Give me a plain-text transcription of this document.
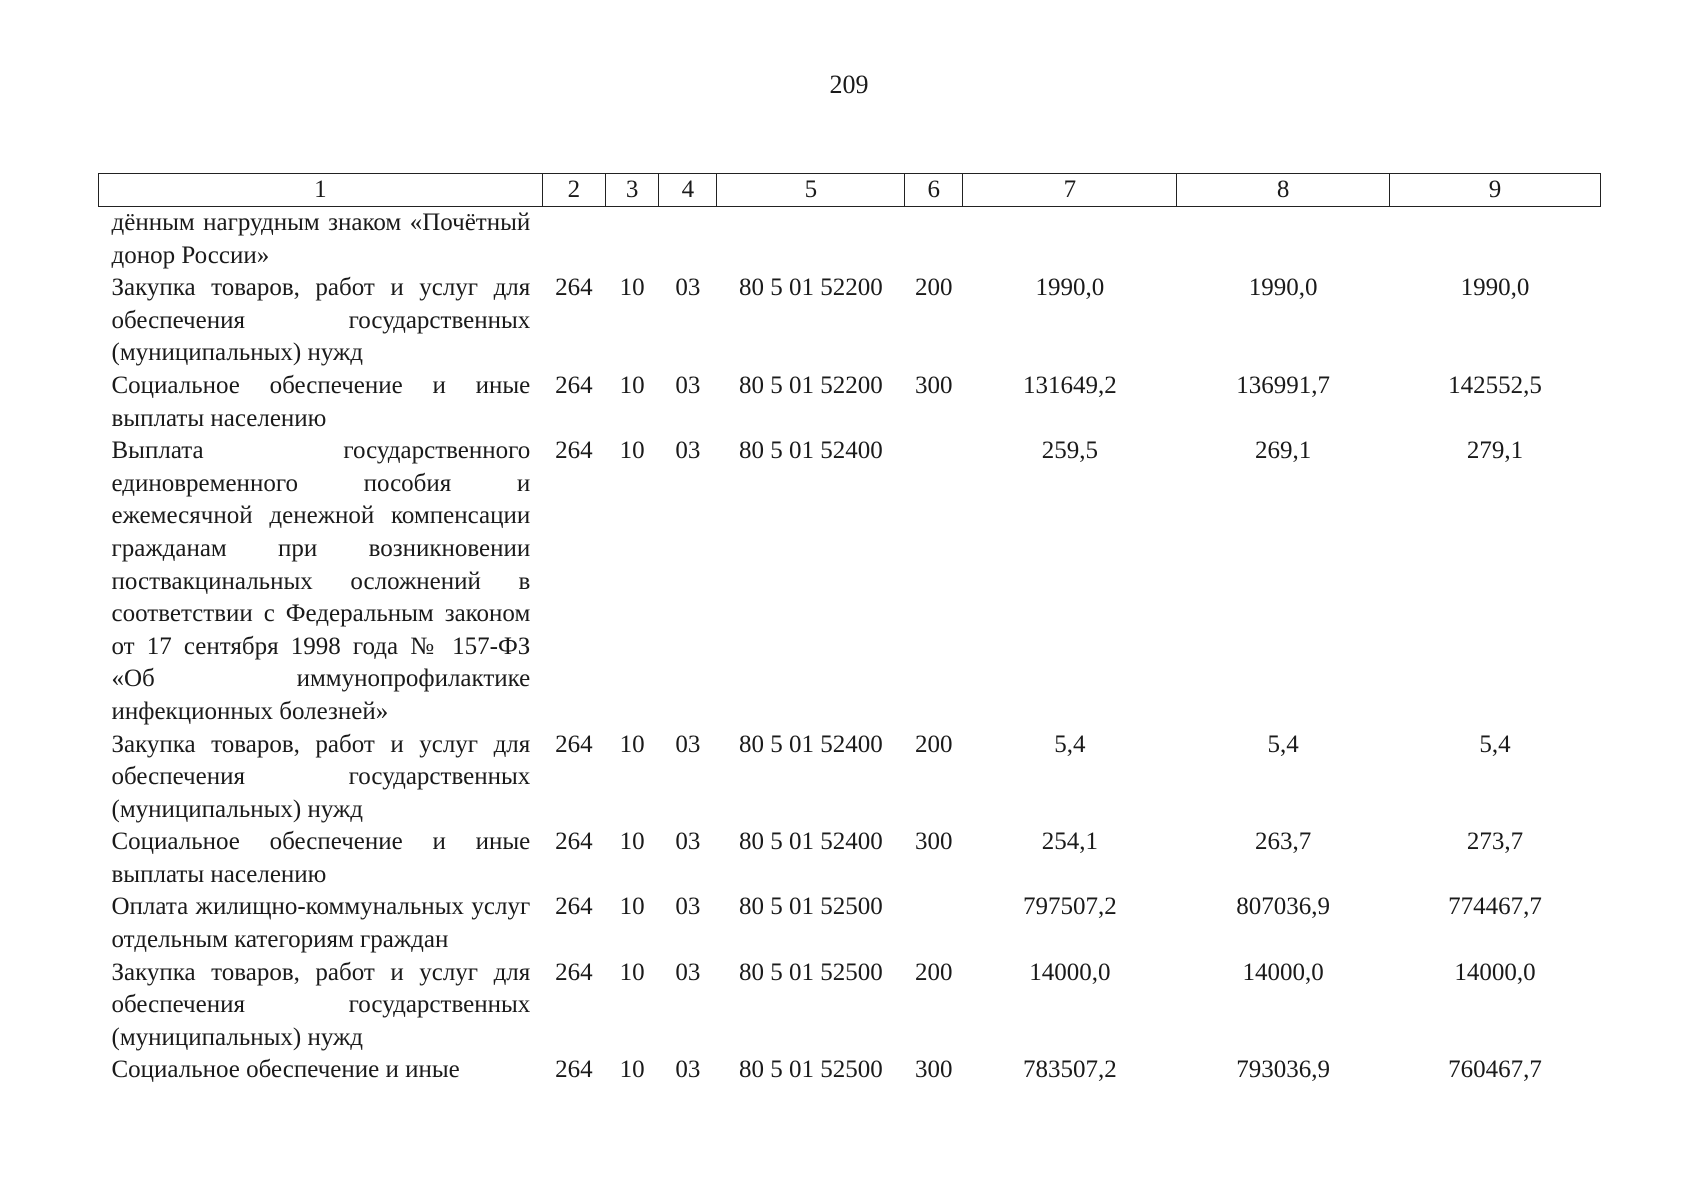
209
1	2	3	4	5	6	7	8	9
дённым нагрудным знаком «Почётный донор России»								
Закупка товаров, работ и услуг для обеспечения государственных (муниципальных) нужд	264	10	03	80 5 01 52200	200	1990,0	1990,0	1990,0
Социальное обеспечение и иные выплаты населению	264	10	03	80 5 01 52200	300	131649,2	136991,7	142552,5
Выплата государственного единовременного пособия и ежемесячной денежной компенсации гражданам при возникновении поствакцинальных осложнений в соответствии с Федеральным законом от 17 сентября 1998 года № 157-ФЗ «Об иммунопрофилактике инфекционных болезней»	264	10	03	80 5 01 52400		259,5	269,1	279,1
Закупка товаров, работ и услуг для обеспечения государственных (муниципальных) нужд	264	10	03	80 5 01 52400	200	5,4	5,4	5,4
Социальное обеспечение и иные выплаты населению	264	10	03	80 5 01 52400	300	254,1	263,7	273,7
Оплата жилищно-коммунальных услуг отдельным категориям граждан	264	10	03	80 5 01 52500		797507,2	807036,9	774467,7
Закупка товаров, работ и услуг для обеспечения государственных (муниципальных) нужд	264	10	03	80 5 01 52500	200	14000,0	14000,0	14000,0
Социальное обеспечение и иные	264	10	03	80 5 01 52500	300	783507,2	793036,9	760467,7
